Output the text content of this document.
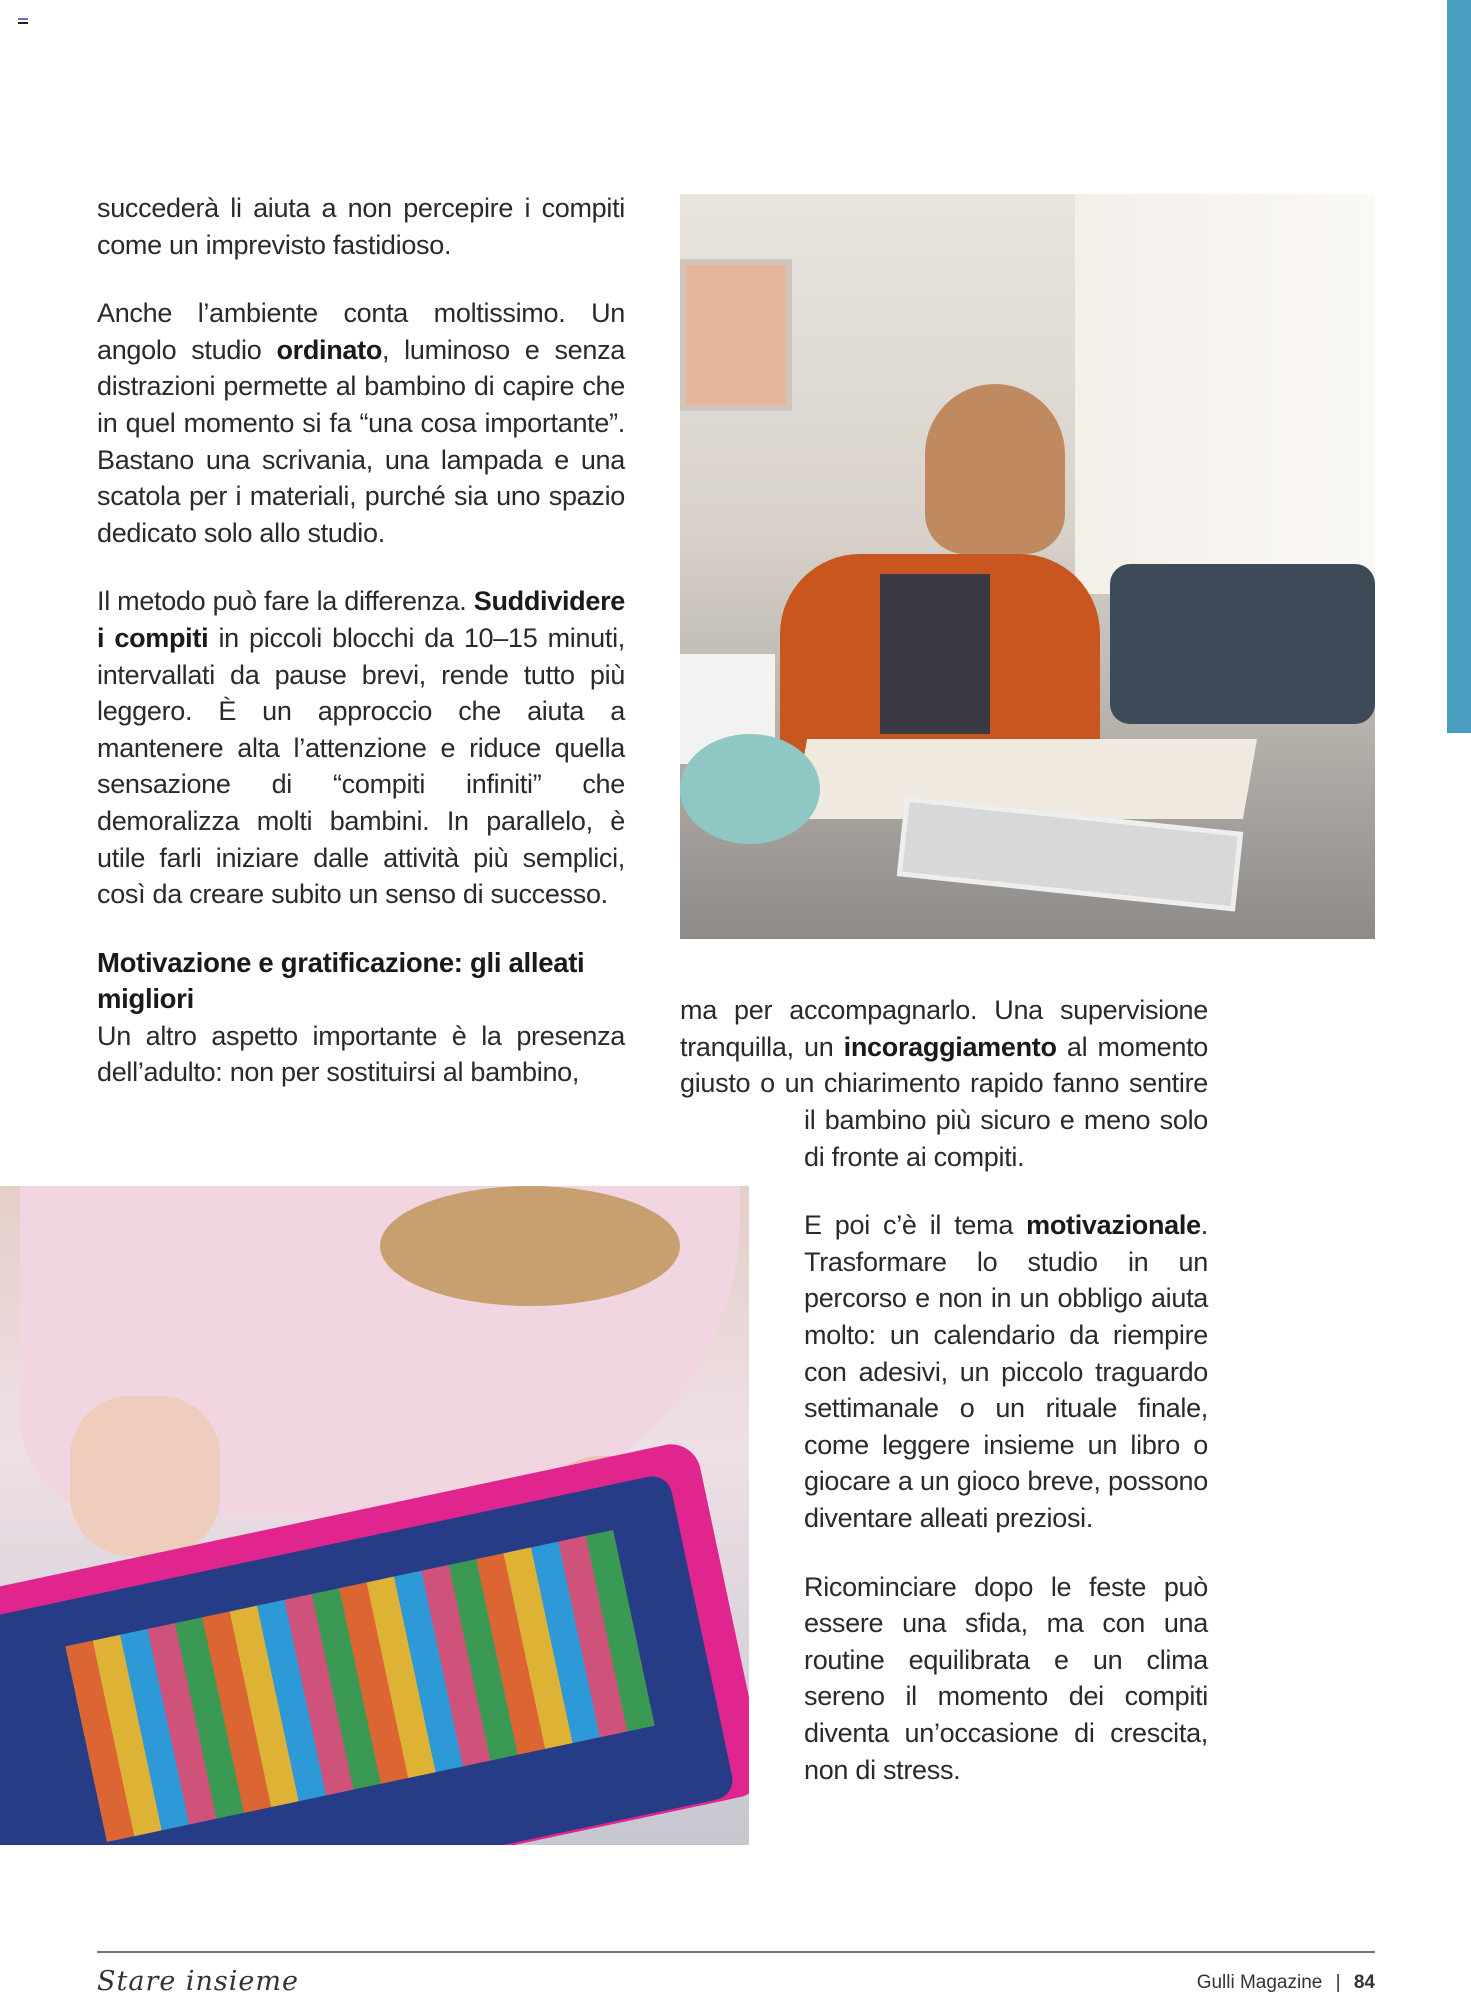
succederà li aiuta a non percepire i compiti come un imprevisto fastidioso.

Anche l’ambiente conta moltissimo. Un angolo studio ordinato, luminoso e senza distrazioni permette al bambino di capire che in quel momento si fa “una cosa importante”. Bastano una scrivania, una lampada e una scatola per i materiali, purché sia uno spazio dedicato solo allo studio.

Il metodo può fare la differenza. Suddividere i compiti in piccoli blocchi da 10–15 minuti, intervallati da pause brevi, rende tutto più leggero. È un approccio che aiuta a mantenere alta l’attenzione e riduce quella sensazione di “compiti infiniti” che demoralizza molti bambini. In parallelo, è utile farli iniziare dalle attività più semplici, così da creare subito un senso di successo.

Motivazione e gratificazione: gli alleati migliori

Un altro aspetto importante è la presenza dell’adulto: non per sostituirsi al bambino,

ma per accompagnarlo. Una supervisione tranquilla, un incoraggiamento al momento giusto o un chiarimento rapido fanno sentire

il bambino più sicuro e meno solo di fronte ai compiti.

E poi c’è il tema motivazionale. Trasformare lo studio in un percorso e non in un obbligo aiuta molto: un calendario da riempire con adesivi, un piccolo traguardo settimanale o un rituale finale, come leggere insieme un libro o giocare a un gioco breve, possono diventare alleati preziosi.

Ricominciare dopo le feste può essere una sfida, ma con una routine equilibrata e un clima sereno il momento dei compiti diventa un’occasione di crescita, non di stress.

Stare insieme	Gulli Magazine | 84
